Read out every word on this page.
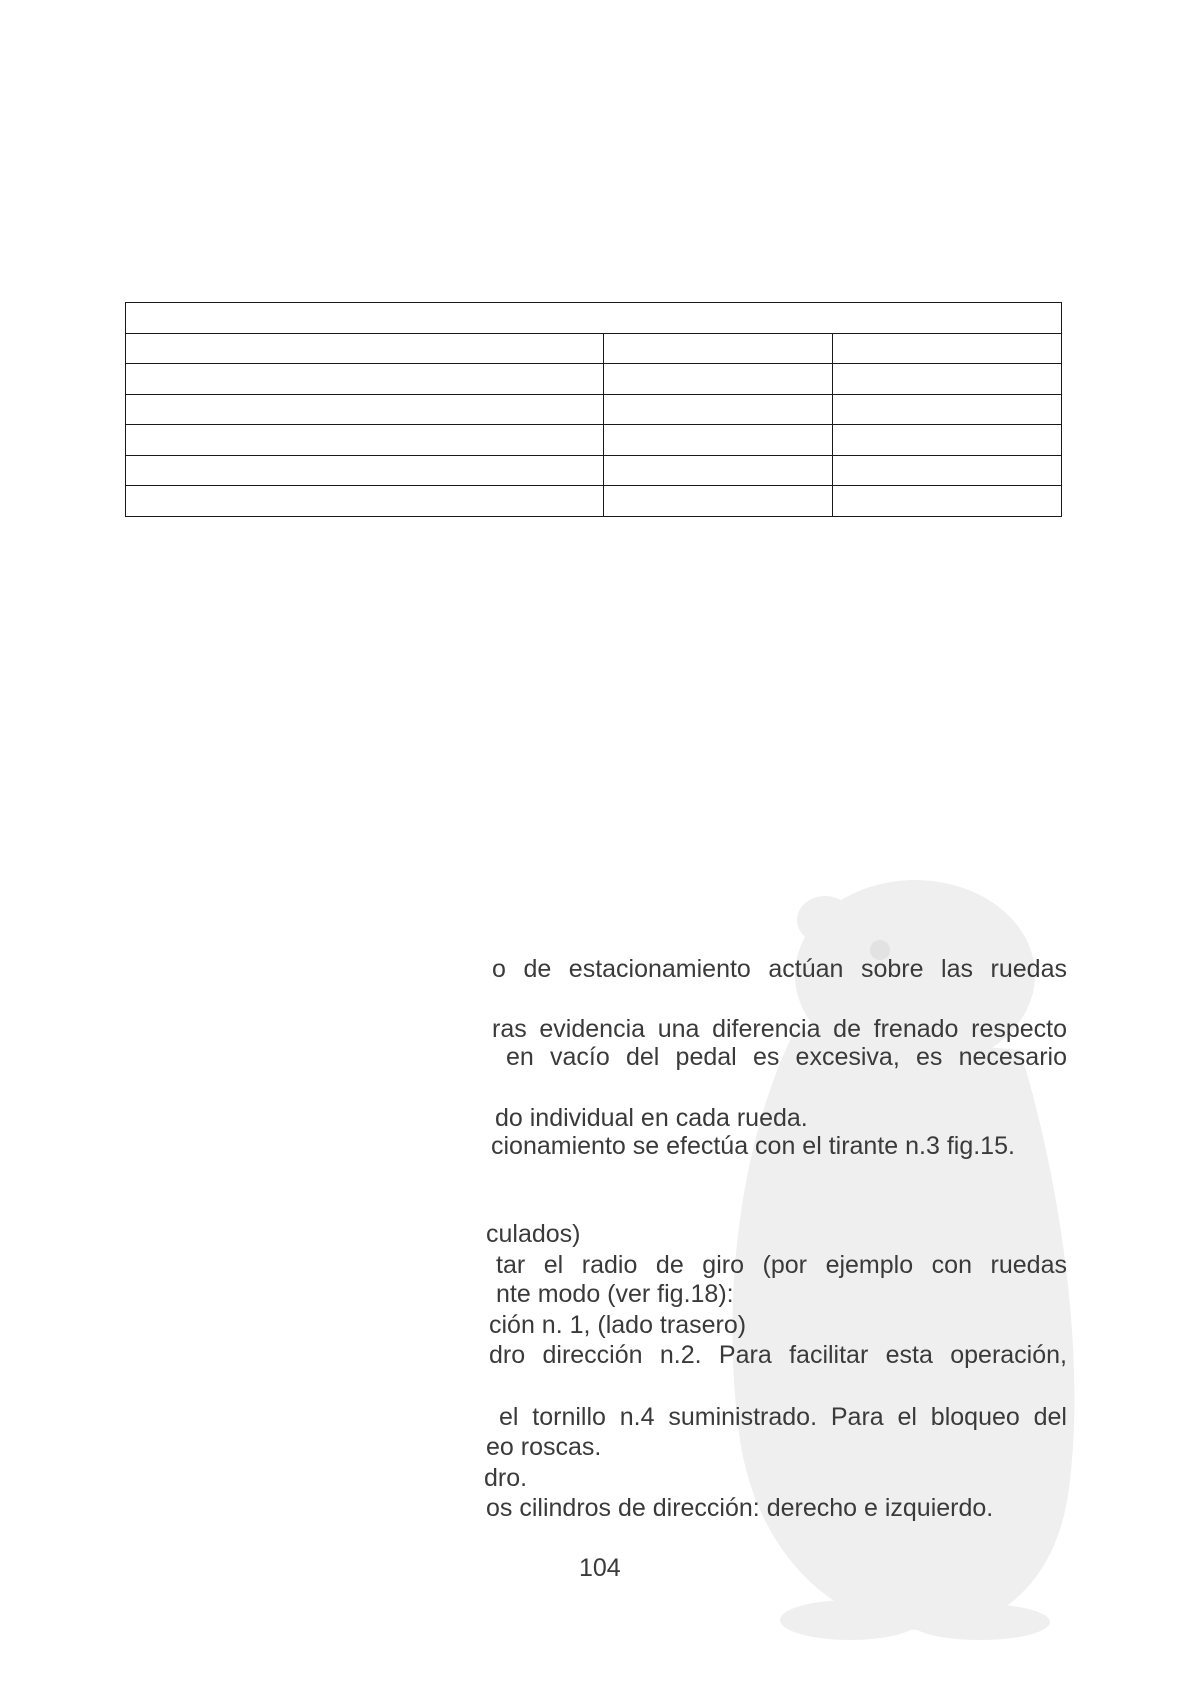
o de estacionamiento actúan sobre las ruedas
ras evidencia una diferencia de frenado respecto
en vacío del pedal es excesiva, es necesario
do individual en cada rueda.
cionamiento se efectúa con el tirante n.3 fig.15.
culados)
tar el radio de giro (por ejemplo con ruedas
nte modo (ver fig.18):
ción n. 1, (lado trasero)
dro dirección n.2. Para facilitar esta operación,
el tornillo n.4 suministrado. Para el bloqueo del
eo roscas.
dro.
os cilindros de dirección: derecho e izquierdo.
104
